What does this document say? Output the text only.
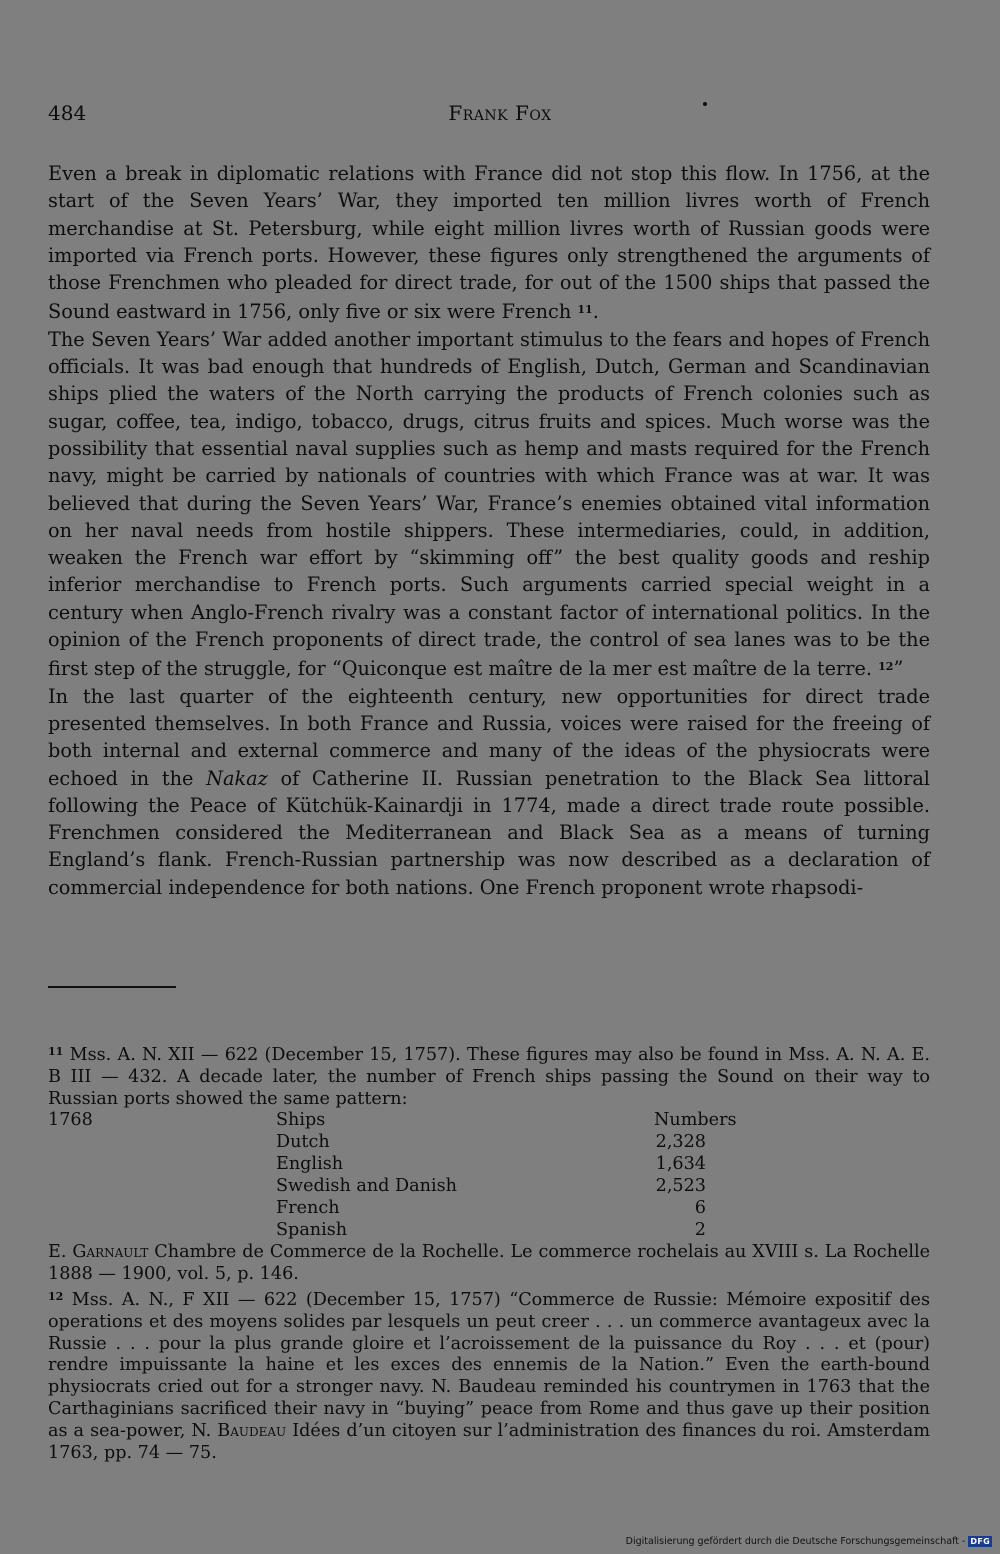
484	Frank Fox

Even a break in diplomatic relations with France did not stop this flow. In 1756, at the start of the Seven Years’ War, they imported ten million livres worth of French merchandise at St. Petersburg, while eight million livres worth of Russian goods were imported via French ports. However, these figures only strengthened the arguments of those Frenchmen who pleaded for direct trade, for out of the 1500 ships that passed the Sound eastward in 1756, only five or six were French $^{11}$.

The Seven Years’ War added another important stimulus to the fears and hopes of French officials. It was bad enough that hundreds of English, Dutch, German and Scandinavian ships plied the waters of the North carrying the products of French colonies such as sugar, coffee, tea, indigo, tobacco, drugs, citrus fruits and spices. Much worse was the possibility that essential naval supplies such as hemp and masts required for the French navy, might be carried by nationals of countries with which France was at war. It was believed that during the Seven Years’ War, France’s enemies obtained vital information on her naval needs from hostile shippers. These intermediaries, could, in addition, weaken the French war effort by “skimming off” the best quality goods and reship inferior merchandise to French ports. Such arguments carried special weight in a century when Anglo-French rivalry was a constant factor of international politics. In the opinion of the French proponents of direct trade, the control of sea lanes was to be the first step of the struggle, for “Quiconque est maître de la mer est maître de la terre. $^{12}$”

In the last quarter of the eighteenth century, new opportunities for direct trade presented themselves. In both France and Russia, voices were raised for the freeing of both internal and external commerce and many of the ideas of the physiocrats were echoed in the Nakaz of Catherine II. Russian penetration to the Black Sea littoral following the Peace of Kütchük-Kainardji in 1774, made a direct trade route possible. Frenchmen considered the Mediterranean and Black Sea as a means of turning England’s flank. French-Russian partnership was now described as a declaration of commercial independence for both nations. One French proponent wrote rhapsodi-

$^{11}$ Mss. A. N. XII — 622 (December 15, 1757). These figures may also be found in Mss. A. N. A. E. B III — 432. A decade later, the number of French ships passing the Sound on their way to Russian ports showed the same pattern:

1768	Ships	Numbers
	Dutch	2,328
	English	1,634
	Swedish and Danish	2,523
	French	6
	Spanish	2

E. Garnault Chambre de Commerce de la Rochelle. Le commerce rochelais au XVIII s. La Rochelle 1888 — 1900, vol. 5, p. 146.

$^{12}$ Mss. A. N., F XII — 622 (December 15, 1757) “Commerce de Russie: Mémoire expositif des operations et des moyens solides par lesquels un peut creer . . . un commerce avantageux avec la Russie . . . pour la plus grande gloire et l’acroissement de la puissance du Roy . . . et (pour) rendre impuissante la haine et les exces des ennemis de la Nation.” Even the earth-bound physiocrats cried out for a stronger navy. N. Baudeau reminded his countrymen in 1763 that the Carthaginians sacrificed their navy in “buying” peace from Rome and thus gave up their position as a sea-power, N. Baudeau Idées d’un citoyen sur l’administration des finances du roi. Amsterdam 1763, pp. 74 — 75.

Digitalisierung gefördert durch die Deutsche Forschungsgemeinschaft - DFG
